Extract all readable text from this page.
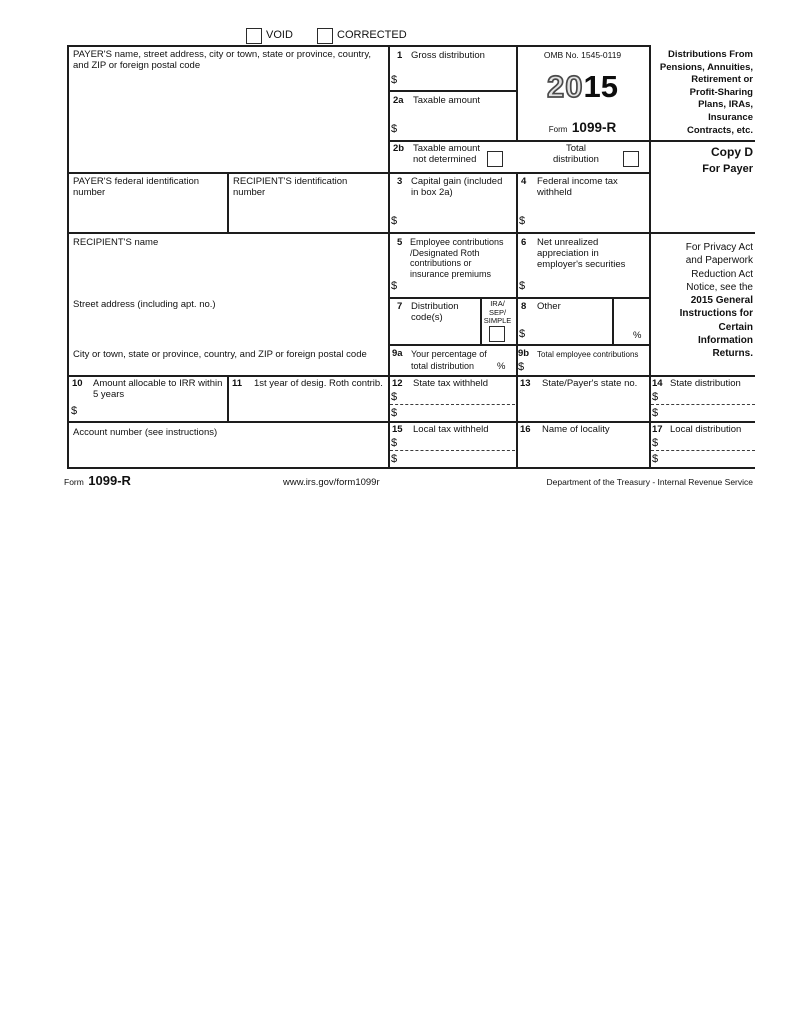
VOID	CORRECTED
PAYER'S name, street address, city or town, state or province, country, and ZIP or foreign postal code
PAYER'S federal identification number
RECIPIENT'S identification number
RECIPIENT'S name
Street address (including apt. no.)
City or town, state or province, country, and ZIP or foreign postal code
Account number (see instructions)
1 Gross distribution
$
2a Taxable amount
$
OMB No. 1545-0119
2015
Form 1099-R
2b Taxable amount not determined
Total distribution
Distributions From
Pensions, Annuities,
Retirement or
Profit-Sharing
Plans, IRAs,
Insurance
Contracts, etc.
Copy D
For Payer
3 Capital gain (included in box 2a)
$
4 Federal income tax withheld
$
5 Employee contributions /Designated Roth contributions or insurance premiums
$
6 Net unrealized appreciation in employer's securities
$
7 Distribution code(s)
IRA/
SEP/
SIMPLE
8 Other
$	%
9a Your percentage of total distribution	%
9b Total employee contributions
$
For Privacy Act
and Paperwork
Reduction Act
Notice, see the
2015 General
Instructions for
Certain
Information
Returns.
10 Amount allocable to IRR within 5 years
$
11 1st year of desig. Roth contrib. 12 State tax withheld
$
$
13 State/Payer's state no. 14 State distribution
$
$
15 Local tax withheld
$
$
16 Name of locality	17 Local distribution
$
$
Form 1099-R	www.irs.gov/form1099r	Department of the Treasury - Internal Revenue Service
